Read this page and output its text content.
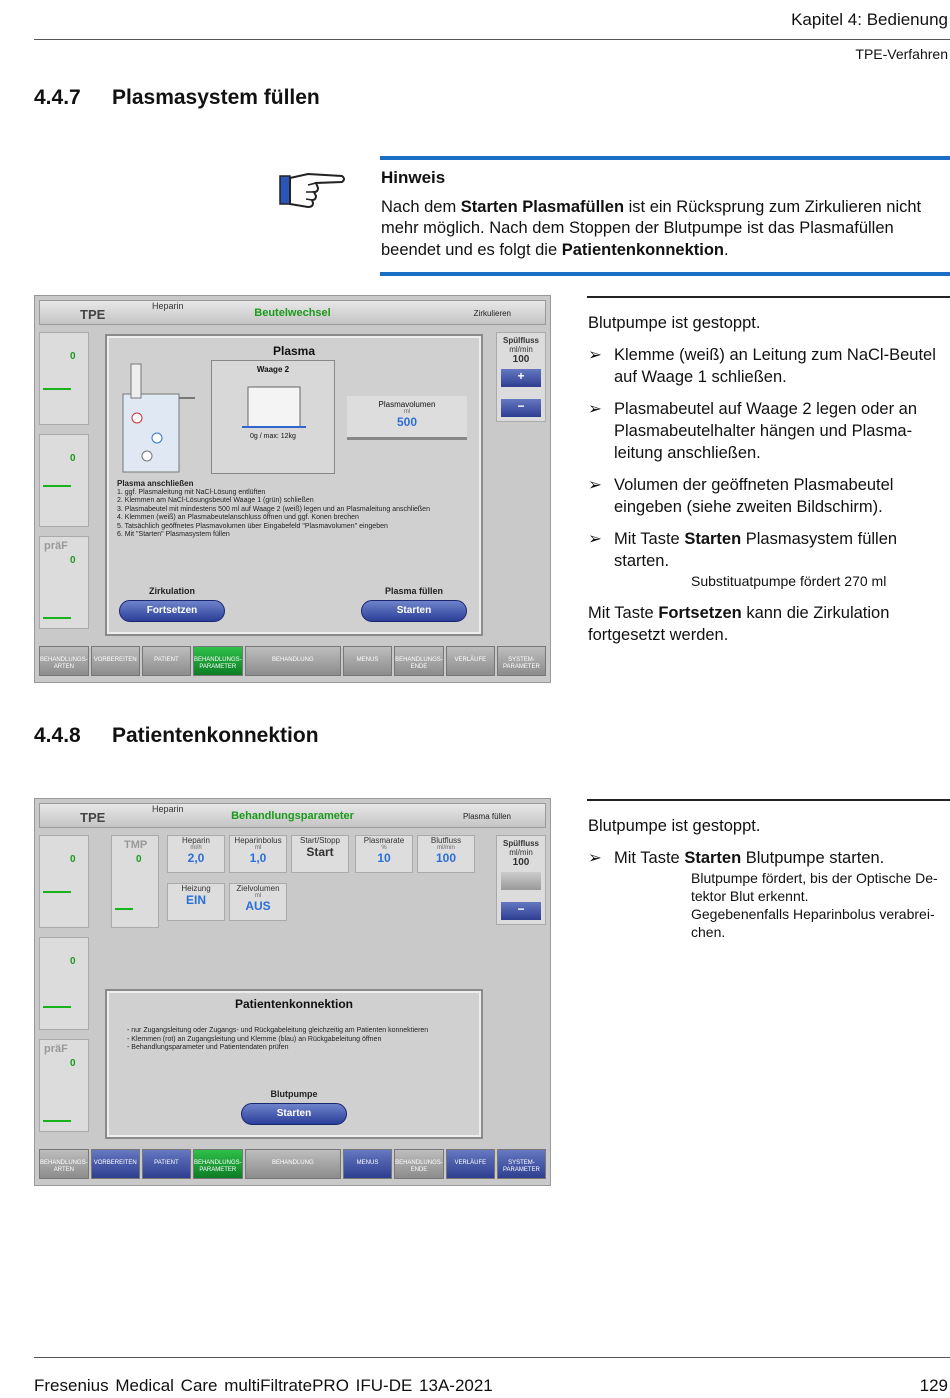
Kapitel 4: Bedienung
TPE-Verfahren
4.4.7 Plasmasystem füllen
Hinweis
Nach dem Starten Plasmafüllen ist ein Rücksprung zum Zirkulieren nicht mehr möglich. Nach dem Stoppen der Blutpumpe ist das Plasmafüllen beendet und es folgt die Patientenkonnektion.
TPE
Heparin
Beutelwechsel	Zirkulieren
0
0
präF
0
Plasma
Waage 2
0g / max: 12kg
Plasmavolumen
ml
500
Plasma anschließen
1. ggf. Plasmaleitung mit NaCl-Lösung entlüften
2. Klemmen am NaCl-Lösungsbeutel Waage 1 (grün) schließen
3. Plasmabeutel mit mindestens 500 ml auf Waage 2 (weiß) legen und an Plasmaleitung anschließen
4. Klemmen (weiß) an Plasmabeutelanschluss öffnen und ggf. Konen brechen
5. Tatsächlich geöffnetes Plasmavolumen über Eingabefeld "Plasmavolumen" eingeben
6. Mit "Starten" Plasmasystem füllen
Zirkulation
Fortsetzen
Plasma füllen
Starten
Spülfluss
ml/min
100
+
−
BEHANDLUNGS-ARTEN
VORBEREITEN	PATIENT	BEHANDLUNGS-PARAMETER
BEHANDLUNG	MENUS	BEHANDLUNGS-ENDE
VERLÄUFE	SYSTEM-PARAMETER

Blutpumpe ist gestoppt.

➢ Klemme (weiß) an Leitung zum NaCl-Beutel auf Waage 1 schließen.
➢ Plasmabeutel auf Waage 2 legen oder an Plasmabeutelhalter hängen und Plasmaleitung anschließen.
➢ Volumen der geöffneten Plasmabeutel eingeben (siehe zweiten Bildschirm).
➢ Mit Taste Starten Plasmasystem füllen starten.
Substituatpumpe fördert 270 ml

Mit Taste Fortsetzen kann die Zirkulation fortgesetzt werden.

4.4.8 Patientenkonnektion
TPE
Heparin
Behandlungsparameter	Plasma füllen
0
TMP
0
0
präF
0
Heparin
ml/h
2,0
Heparinbolus
ml
1,0
Start/Stopp
Start
Plasmarate
%
10
Blutfluss
ml/min
100
Heizung
EIN
Zielvolumen
ml
AUS
Patientenkonnektion
- nur Zugangsleitung oder Zugangs- und Rückgabeleitung gleichzeitig am Patienten konnektieren
- Klemmen (rot) an Zugangsleitung und Klemme (blau) an Rückgabeleitung öffnen
- Behandlungsparameter und Patientendaten prüfen
Blutpumpe
Starten
Spülfluss
ml/min
100
−
BEHANDLUNGS-ARTEN
VORBEREITEN	PATIENT	BEHANDLUNGS-PARAMETER
BEHANDLUNG	MENUS	BEHANDLUNGS-ENDE
VERLÄUFE	SYSTEM-PARAMETER

Blutpumpe ist gestoppt.

➢ Mit Taste Starten Blutpumpe starten.
Blutpumpe fördert, bis der Optische Detektor Blut erkennt.
Gegebenenfalls Heparinbolus verabreichen.
Fresenius Medical Care multiFiltratePRO IFU-DE 13A-2021	129
